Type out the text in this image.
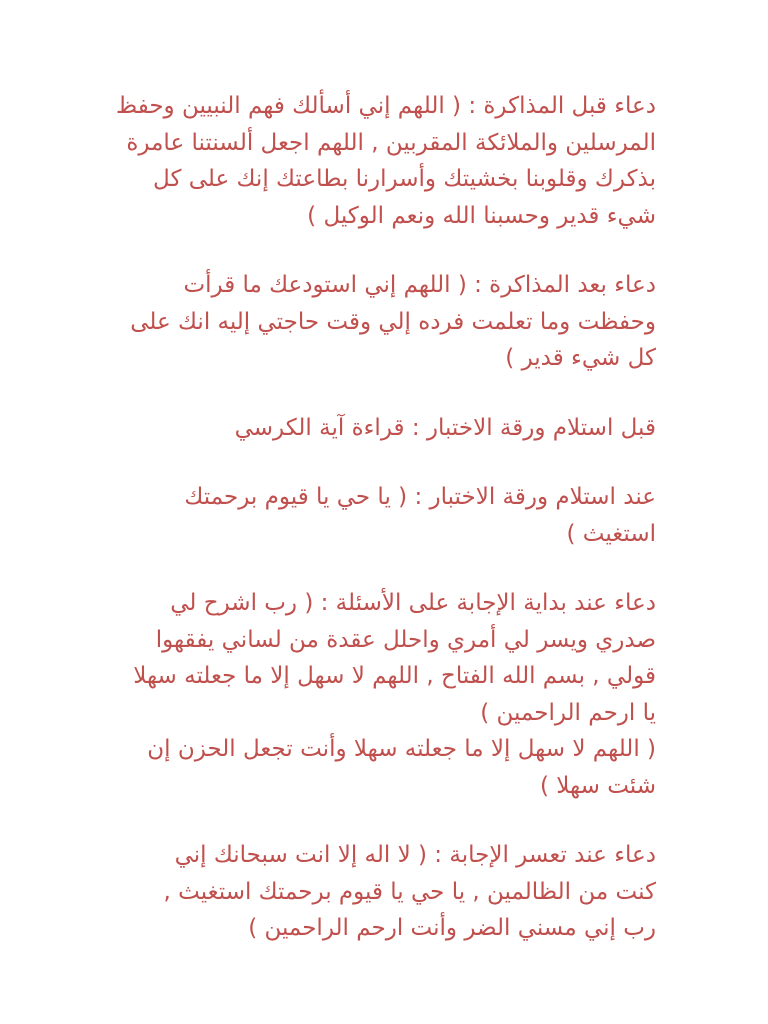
دعاء قبل المذاكرة : ( اللهم إني أسألك فهم النبيين وحفظ
المرسلين والملائكة المقربين , اللهم اجعل ألسنتنا عامرة
بذكرك وقلوبنا بخشيتك وأسرارنا بطاعتك إنك على كل
شيء قدير وحسبنا الله ونعم الوكيل )

دعاء بعد المذاكرة : ( اللهم إني استودعك ما قرأت
وحفظت وما تعلمت فرده إلي وقت حاجتي إليه انك على
كل شيء قدير )

قبل استلام ورقة الاختبار : قراءة آية الكرسي

عند استلام ورقة الاختبار : ( يا حي يا قيوم برحمتك
استغيث )

دعاء عند بداية الإجابة على الأسئلة : ( رب اشرح لي
صدري ويسر لي أمري واحلل عقدة من لساني يفقهوا
قولي , بسم الله الفتاح , اللهم لا سهل إلا ما جعلته سهلا
يا ارحم الراحمين )

( اللهم لا سهل إلا ما جعلته سهلا وأنت تجعل الحزن إن
شئت سهلا )

دعاء عند تعسر الإجابة : ( لا اله إلا انت سبحانك إني
كنت من الظالمين , يا حي يا قيوم برحمتك استغيث ,
رب إني مسني الضر وأنت ارحم الراحمين )
